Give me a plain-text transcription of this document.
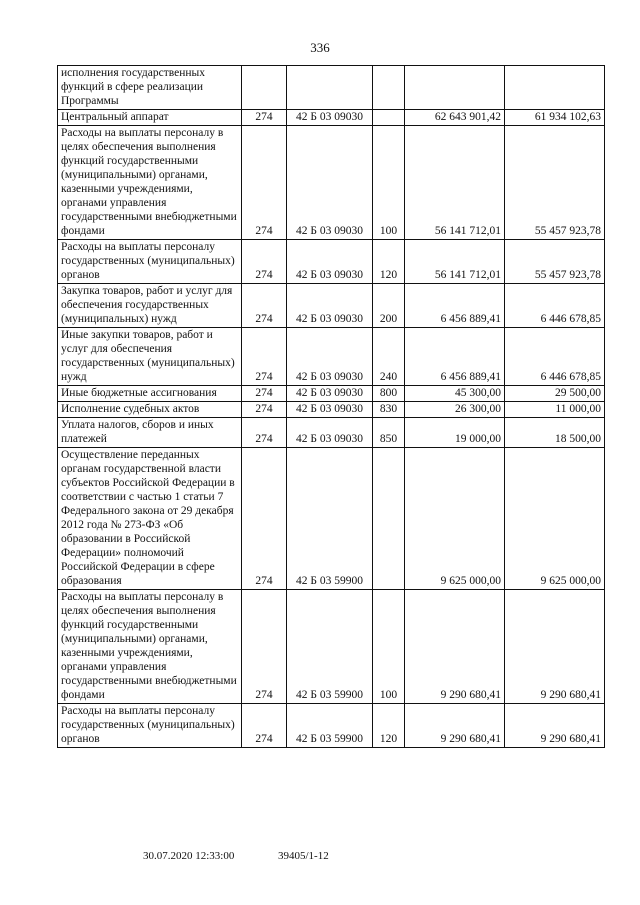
336
исполнения государственных функций в сфере реализации Программы					
Центральный аппарат	274	42 Б 03 09030		62 643 901,42	61 934 102,63
Расходы на выплаты персоналу в целях обеспечения выполнения функций государственными (муниципальными) органами, казенными учреждениями, органами управления государственными внебюджетными фондами	274	42 Б 03 09030	100	56 141 712,01	55 457 923,78
Расходы на выплаты персоналу государственных (муниципальных) органов	274	42 Б 03 09030	120	56 141 712,01	55 457 923,78
Закупка товаров, работ и услуг для обеспечения государственных (муниципальных) нужд	274	42 Б 03 09030	200	6 456 889,41	6 446 678,85
Иные закупки товаров, работ и услуг для обеспечения государственных (муниципальных) нужд	274	42 Б 03 09030	240	6 456 889,41	6 446 678,85
Иные бюджетные ассигнования	274	42 Б 03 09030	800	45 300,00	29 500,00
Исполнение судебных актов	274	42 Б 03 09030	830	26 300,00	11 000,00
Уплата налогов, сборов и иных платежей	274	42 Б 03 09030	850	19 000,00	18 500,00
Осуществление переданных органам государственной власти субъектов Российской Федерации в соответствии с частью 1 статьи 7 Федерального закона от 29 декабря 2012 года № 273-ФЗ «Об образовании в Российской Федерации» полномочий Российской Федерации в сфере образования	274	42 Б 03 59900		9 625 000,00	9 625 000,00
Расходы на выплаты персоналу в целях обеспечения выполнения функций государственными (муниципальными) органами, казенными учреждениями, органами управления государственными внебюджетными фондами	274	42 Б 03 59900	100	9 290 680,41	9 290 680,41
Расходы на выплаты персоналу государственных (муниципальных) органов	274	42 Б 03 59900	120	9 290 680,41	9 290 680,41
30.07.2020 12:33:00	39405/1-12
